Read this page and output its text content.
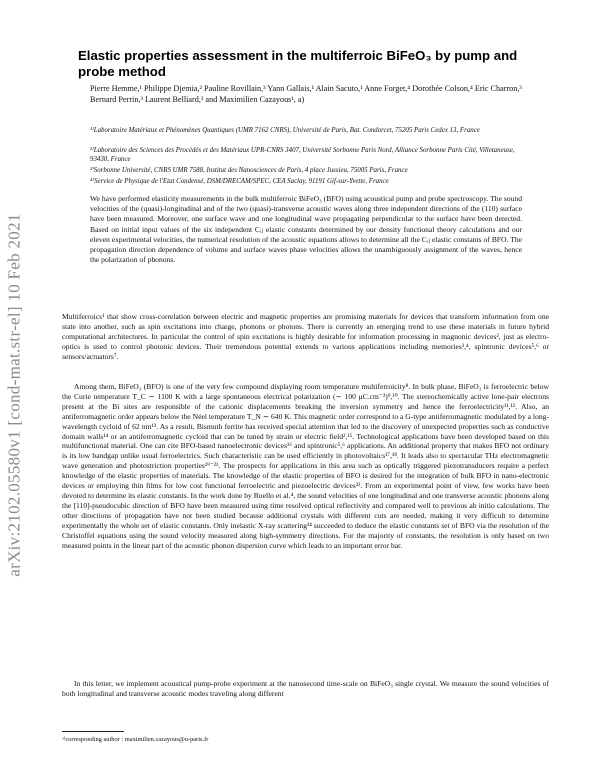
arXiv:2102.05580v1 [cond-mat.str-el] 10 Feb 2021
Elastic properties assessment in the multiferroic BiFeO₃ by pump and probe method
Pierre Hemme,¹ Philippe Djemia,² Pauline Rovillain,³ Yann Gallais,¹ Alain Sacuto,¹ Anne Forget,⁴ Dorothée Colson,⁴ Eric Charron,³ Bernard Perrin,³ Laurent Belliard,³ and Maximilien Cazayous¹, a)
¹⁾Laboratoire Matériaux et Phénomènes Quantiques (UMR 7162 CNRS), Université de Paris, Bat. Condorcet, 75205 Paris Cedex 13, France
²⁾Laboratoire des Sciences des Procédés et des Matériaux UPR-CNRS 3407, Université Sorbonne Paris Nord, Alliance Sorbonne Paris Cité, Villetaneuse, 93430, France
³⁾Sorbonne Université, CNRS UMR 7588, Institut des Nanosciences de Paris, 4 place Jussieu, 75005 Paris, France
⁴⁾Service de Physique de l'Etat Condensé, DSM/DRECAM/SPEC, CEA Saclay, 91191 Gif-sur-Yvette, France
We have performed elasticity measurements in the bulk multiferroic BiFeO₃ (BFO) using acoustical pump and probe spectroscopy. The sound velocities of the (quasi)-longitudinal and of the two (quasi)-transverse acoustic waves along three independent directions of the (110) surface have been measured. Moreover, one surface wave and one longitudinal wave propagating perpendicular to the surface have been detected. Based on initial input values of the six independent Cᵢⱼ elastic constants determined by our density functional theory calculations and our eleven experimental velocities, the numerical resolution of the acoustic equations allows to determine all the Cᵢⱼ elastic constants of BFO. The propagation direction dependence of volume and surface waves phase velocities allows the unambiguously assignment of the waves, hence the polarization of phonons.
Multiferroics¹ that show cross-correlation between electric and magnetic properties are promising materials for devices that transform information from one state into another, such as spin excitations into charge, phonons or photons. There is currently an emerging trend to use these materials in future hybrid computational architectures. In particular the control of spin excitations is highly desirable for information processing in magnonic devices², just as electro-optics is used to control photonic devices. Their tremendous potential extends to various applications including memories³,⁴, spintronic devices⁵,⁶ or sensors/actuators⁷.
Among them, BiFeO₃ (BFO) is one of the very few compound displaying room temperature multiferroicity⁸. In bulk phase, BiFeO₃ is ferroelectric below the Curie temperature T_C ∼ 1100 K with a large spontaneous electrical polarization (∼ 100 μC.cm⁻²)⁹,¹⁰. The stereochemically active lone-pair electrons present at the Bi sites are responsible of the cationic displacements breaking the inversion symmetry and hence the ferroelectricity¹¹,¹². Also, an antiferromagnetic order appears below the Néel temperature T_N ∼ 640 K. This magnetic order correspond to a G-type antiferromagnetic modulated by a long-wavelength cycloid of 62 nm¹³. As a result, Bismuth ferrite has received special attention that led to the discovery of unexpected properties such as conductive domain walls¹⁴ or an antiferromagnetic cycloid that can be tuned by strain or electric field²,¹⁵. Technological applications have been developed based on this multifunctional material. One can cite BFO-based nanoelectronic devices¹⁶ and spintronic⁵,⁶ applications. An additional property that makes BFO not ordinary is its low bandgap unlike usual ferroelectrics. Such characteristic can be used efficiently in photovoltaics¹⁷,¹⁸. It leads also to spectacular THz electromagnetic wave generation and photostriction properties¹⁹⁻²¹. The prospects for applications in this area such as optically triggered piezotransducers require a perfect knowledge of the elastic properties of materials. The knowledge of the elastic properties of BFO is desired for the integration of bulk BFO in nano-electronic devices or employing thin films for low cost functional ferroelectric and piezoelectric devices²². From an experimental point of view, few works have been devoted to determine its elastic constants. In the work done by Ruello et al.⁴, the sound velocities of one longitudinal and one transverse acoustic phonons along the [110]-pseudocubic direction of BFO have been measured using time resolved optical reflectivity and compared well to previous ab initio calculations. The other directions of propagation have not been studied because additional crystals with different cuts are needed, making it very difficult to determine experimentally the whole set of elastic constants. Only inelastic X-ray scattering²⁴ succeeded to deduce the elastic constants set of BFO via the resolution of the Christoffel equations using the sound velocity measured along high-symmetry directions. For the majority of constants, the resolution is only based on two measured points in the linear part of the acoustic phonon dispersion curve which leads to an important error bar.
In this letter, we implement acoustical pump-probe experiment at the nanosecond time-scale on BiFeO₃ single crystal. We measure the sound velocities of both longitudinal and transverse acoustic modes traveling along different
ᵃ⁾corresponding author : maximilien.cazayous@u-paris.fr
